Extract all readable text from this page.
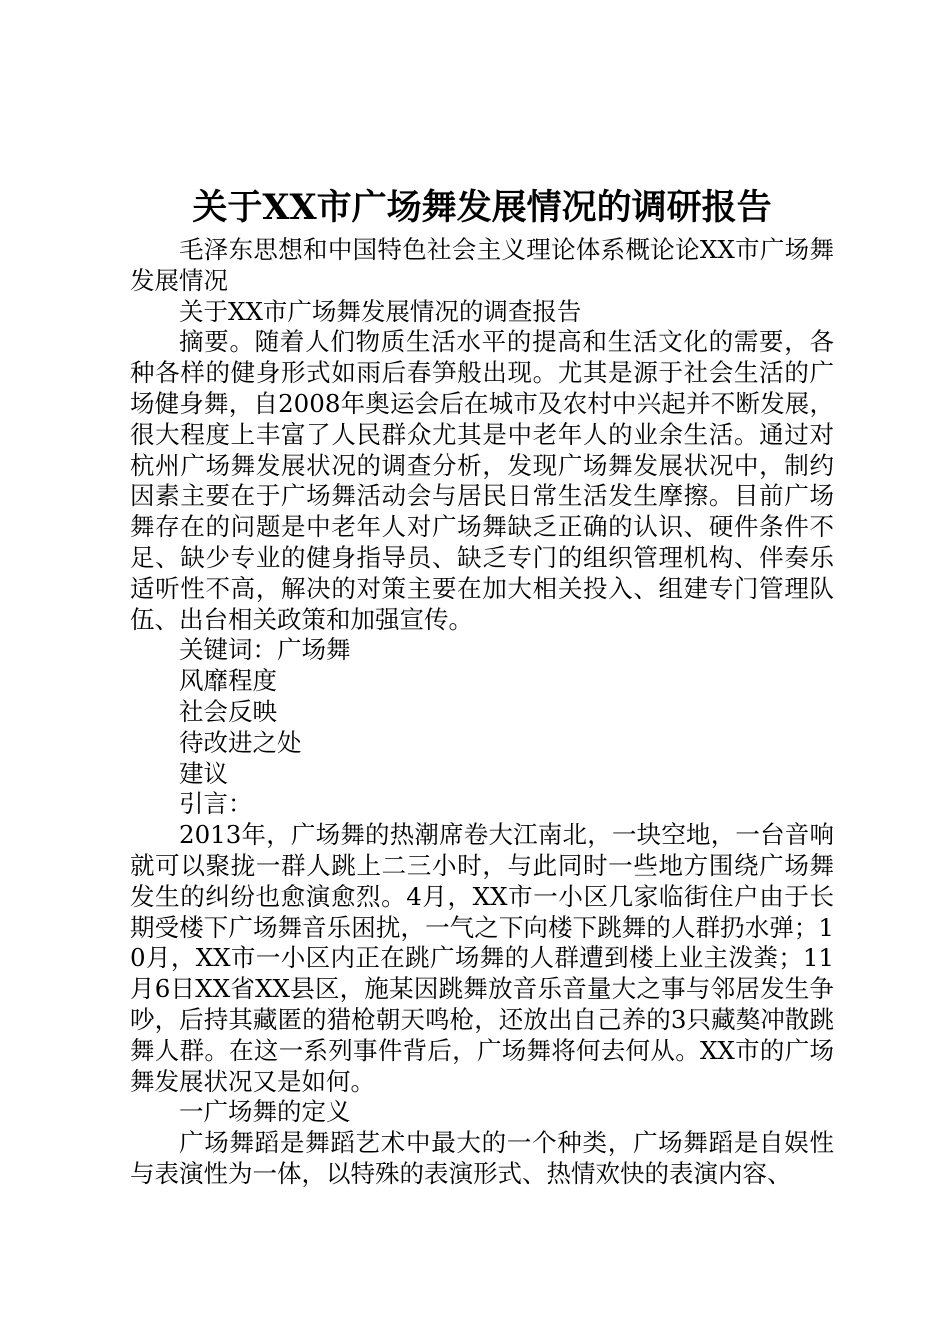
关于XX市广场舞发展情况的调研报告

毛泽东思想和中国特色社会主义理论体系概论论XX市广场舞发展情况

关于XX市广场舞发展情况的调查报告

摘要。随着人们物质生活水平的提高和生活文化的需要，各种各样的健身形式如雨后春笋般出现。尤其是源于社会生活的广场健身舞，自2008年奥运会后在城市及农村中兴起并不断发展，很大程度上丰富了人民群众尤其是中老年人的业余生活。通过对杭州广场舞发展状况的调查分析，发现广场舞发展状况中，制约因素主要在于广场舞活动会与居民日常生活发生摩擦。目前广场舞存在的问题是中老年人对广场舞缺乏正确的认识、硬件条件不足、缺少专业的健身指导员、缺乏专门的组织管理机构、伴奏乐适听性不高，解决的对策主要在加大相关投入、组建专门管理队伍、出台相关政策和加强宣传。

关键词：广场舞

风靡程度

社会反映

待改进之处

建议

引言：

2013年，广场舞的热潮席卷大江南北，一块空地，一台音响就可以聚拢一群人跳上二三小时，与此同时一些地方围绕广场舞发生的纠纷也愈演愈烈。4月，XX市一小区几家临街住户由于长期受楼下广场舞音乐困扰，一气之下向楼下跳舞的人群扔水弹；10月，XX市一小区内正在跳广场舞的人群遭到楼上业主泼粪；11月6日XX省XX县区，施某因跳舞放音乐音量大之事与邻居发生争吵，后持其藏匿的猎枪朝天鸣枪，还放出自己养的3只藏獒冲散跳舞人群。在这一系列事件背后，广场舞将何去何从。XX市的广场舞发展状况又是如何。

一广场舞的定义

广场舞蹈是舞蹈艺术中最大的一个种类，广场舞蹈是自娱性与表演性为一体，以特殊的表演形式、热情欢快的表演内容、
